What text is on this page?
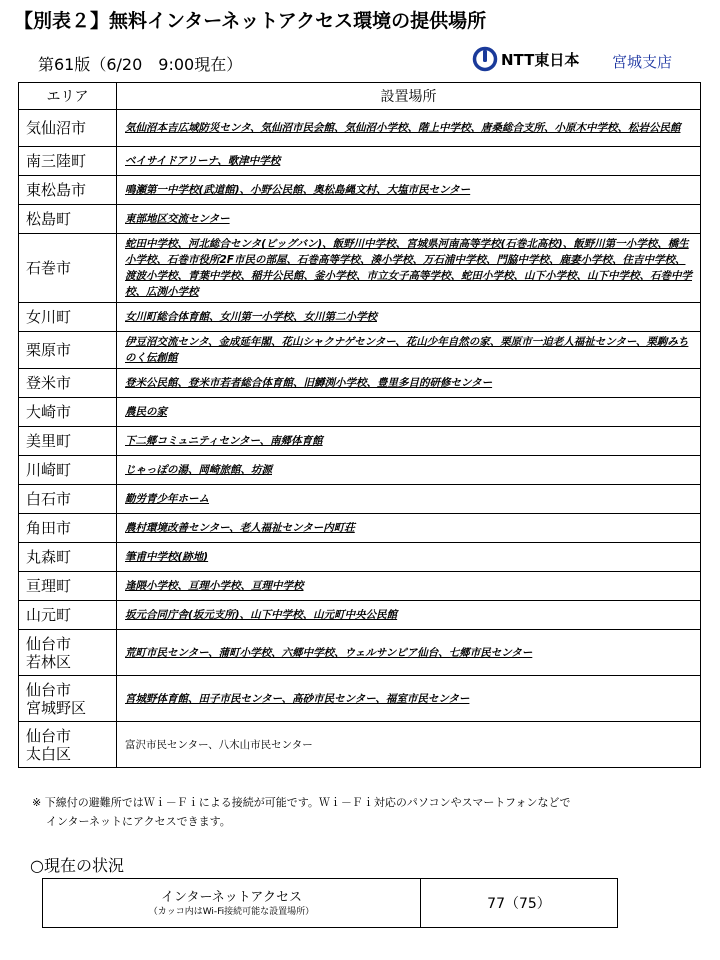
【別表２】無料インターネットアクセス環境の提供場所
第61版（6/20　9:00現在）	NTT東日本 宮城支店
エリア	設置場所
気仙沼市	気仙沼本吉広域防災センタ、気仙沼市民会館、気仙沼小学校、階上中学校、唐桑総合支所、小原木中学校、松岩公民館
南三陸町	ベイサイドアリーナ、歌津中学校
東松島市	鳴瀬第一中学校(武道館)、小野公民館、奥松島縄文村、大塩市民センター
松島町	東部地区交流センター
石巻市	蛇田中学校、河北総合センタ(ビッグバン)、飯野川中学校、宮城県河南高等学校(石巻北高校)、飯野川第一小学校、橋生小学校、石巻市役所2F市民の部屋、石巻高等学校、湊小学校、万石浦中学校、門脇中学校、鹿妻小学校、住吉中学校、渡波小学校、青葉中学校、稲井公民館、釜小学校、市立女子高等学校、蛇田小学校、山下小学校、山下中学校、石巻中学校、広渕小学校
女川町	女川町総合体育館、女川第一小学校、女川第二小学校
栗原市	伊豆沼交流センタ、金成延年閣、花山シャクナゲセンター、花山少年自然の家、栗原市一迫老人福祉センター、栗駒みちのく伝創館
登米市	登米公民館、登米市若者総合体育館、旧鱒渕小学校、豊里多目的研修センター
大崎市	農民の家
美里町	下二郷コミュニティセンター、南郷体育館
川崎町	じゃっぽの湯、岡崎旅館、坊源
白石市	勤労青少年ホーム
角田市	農村環境改善センター、老人福祉センター内町荘
丸森町	筆甫中学校(跡地)
亘理町	逢隈小学校、亘理小学校、亘理中学校
山元町	坂元合同庁舎(坂元支所)、山下中学校、山元町中央公民館
仙台市
若林区	荒町市民センター、蒲町小学校、六郷中学校、ウェルサンピア仙台、七郷市民センター
仙台市
宮城野区	宮城野体育館、田子市民センター、高砂市民センター、福室市民センター
仙台市
太白区	富沢市民センター、八木山市民センター
※ 下線付の避難所ではＷｉ－Ｆｉによる接続が可能です。Ｗｉ－Ｆｉ対応のパソコンやスマートフォンなどで
インターネットにアクセスできます。
○現在の状況
インターネットアクセス
（カッコ内はWi-Fi接続可能な設置場所）	77（75）
